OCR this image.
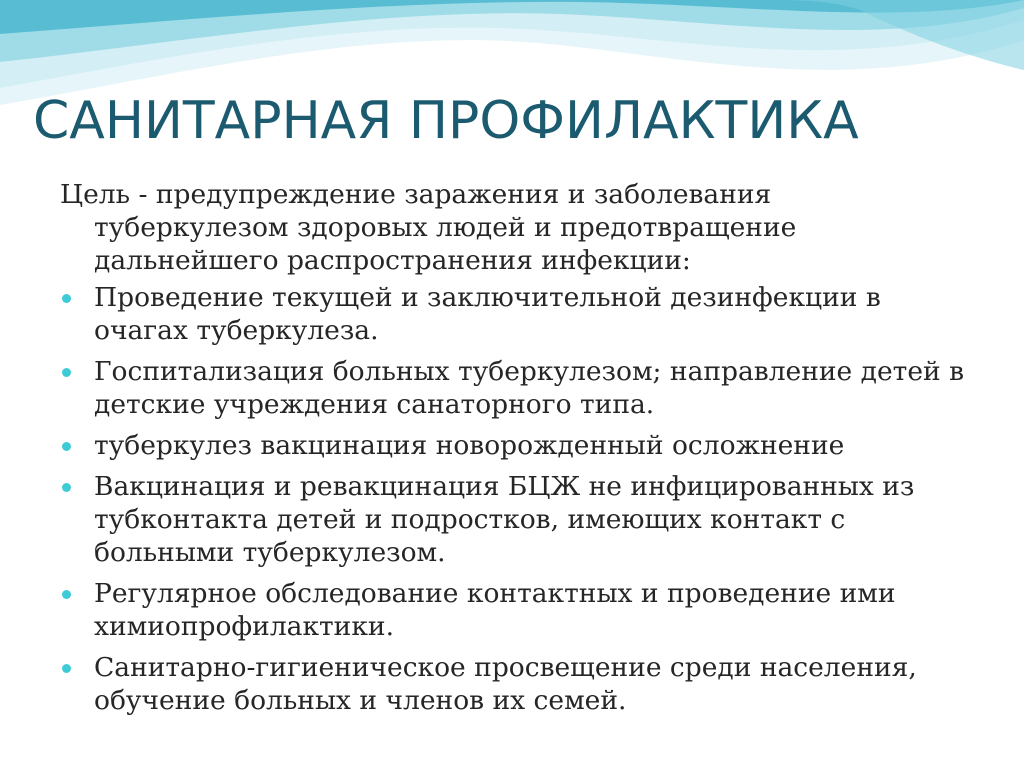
САНИТАРНАЯ ПРОФИЛАКТИКА

Цель - предупреждение заражения и заболевания туберкулезом здоровых людей и предотвращение дальнейшего распространения инфекции:

Проведение текущей и заключительной дезинфекции в очагах туберкулеза.
Госпитализация больных туберкулезом; направление детей в детские учреждения санаторного типа.
туберкулез вакцинация новорожденный осложнение
Вакцинация и ревакцинация БЦЖ не инфицированных из тубконтакта детей и подростков, имеющих контакт с больными туберкулезом.
Регулярное обследование контактных и проведение ими химиопрофилактики.
Санитарно-гигиеническое просвещение среди населения, обучение больных и членов их семей.
